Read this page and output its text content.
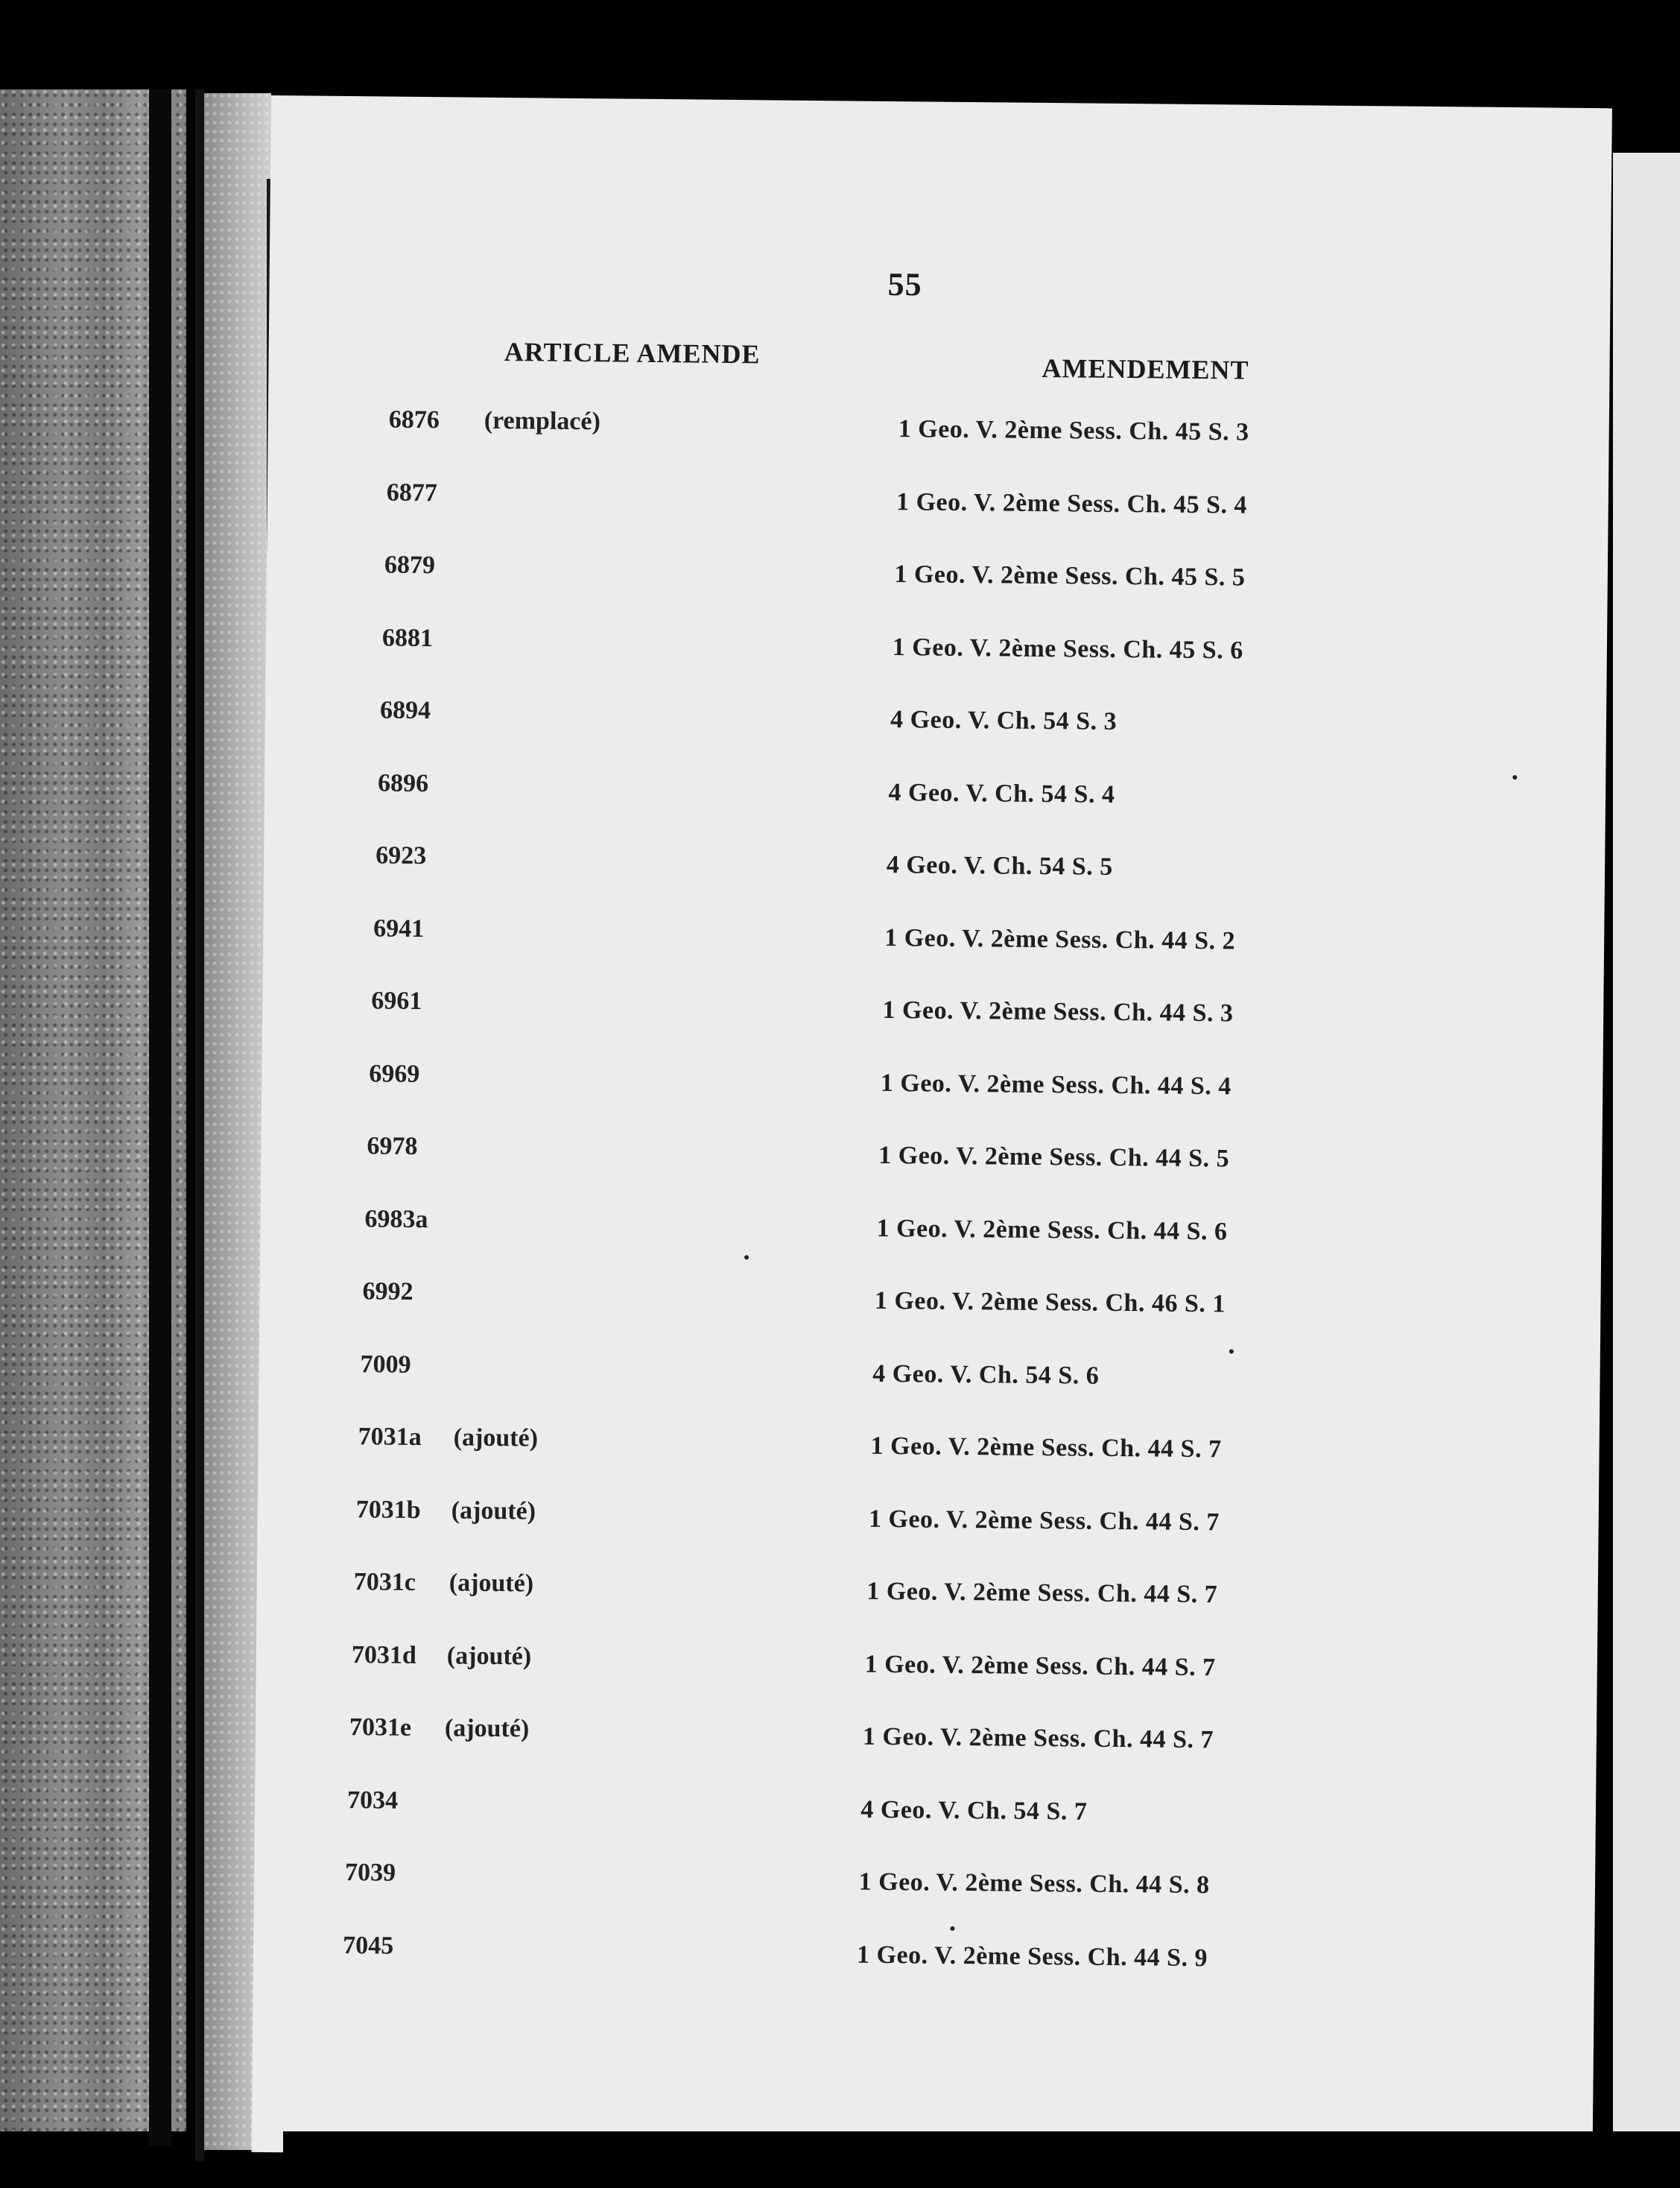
55
ARTICLE AMENDE	AMENDEMENT
6876 (remplacé)	1 Geo. V. 2ème Sess. Ch. 45 S. 3
6877	1 Geo. V. 2ème Sess. Ch. 45 S. 4
6879	1 Geo. V. 2ème Sess. Ch. 45 S. 5
6881	1 Geo. V. 2ème Sess. Ch. 45 S. 6
6894	4 Geo. V. Ch. 54 S. 3
6896	4 Geo. V. Ch. 54 S. 4
6923	4 Geo. V. Ch. 54 S. 5
6941	1 Geo. V. 2ème Sess. Ch. 44 S. 2
6961	1 Geo. V. 2ème Sess. Ch. 44 S. 3
6969	1 Geo. V. 2ème Sess. Ch. 44 S. 4
6978	1 Geo. V. 2ème Sess. Ch. 44 S. 5
6983a	1 Geo. V. 2ème Sess. Ch. 44 S. 6
6992	1 Geo. V. 2ème Sess. Ch. 46 S. 1
7009	4 Geo. V. Ch. 54 S. 6
7031a (ajouté)	1 Geo. V. 2ème Sess. Ch. 44 S. 7
7031b (ajouté)	1 Geo. V. 2ème Sess. Ch. 44 S. 7
7031c (ajouté)	1 Geo. V. 2ème Sess. Ch. 44 S. 7
7031d (ajouté)	1 Geo. V. 2ème Sess. Ch. 44 S. 7
7031e (ajouté)	1 Geo. V. 2ème Sess. Ch. 44 S. 7
7034	4 Geo. V. Ch. 54 S. 7
7039	1 Geo. V. 2ème Sess. Ch. 44 S. 8
7045	1 Geo. V. 2ème Sess. Ch. 44 S. 9
